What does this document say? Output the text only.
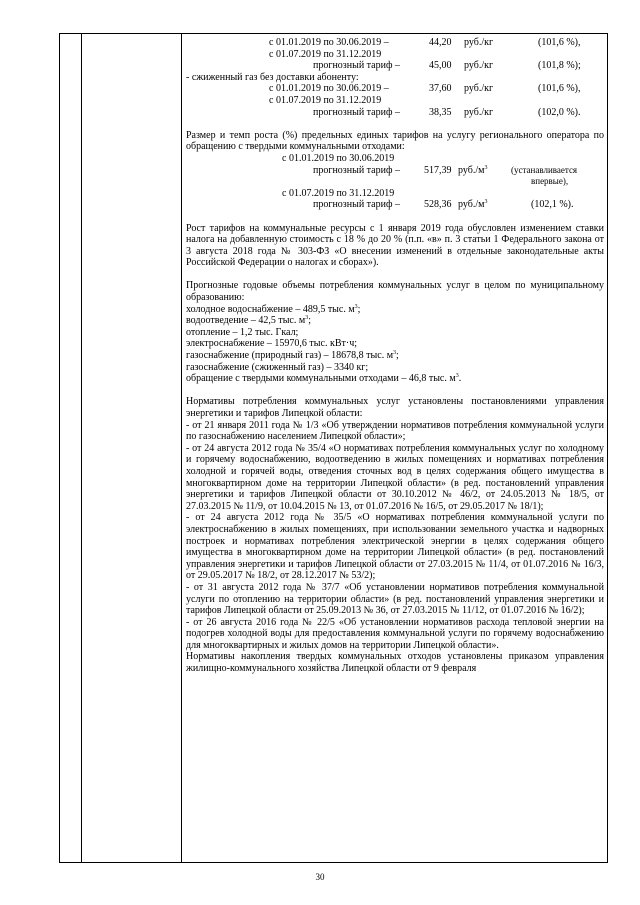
с 01.01.2019 по 30.06.2019 –	44,20 руб./кг	(101,6 %),
с 01.07.2019 по 31.12.2019
прогнозный тариф –	45,00 руб./кг	(101,8 %);
- сжиженный газ без доставки абоненту:
с 01.01.2019 по 30.06.2019 –	37,60 руб./кг	(101,6 %),
с 01.07.2019 по 31.12.2019
прогнозный тариф –	38,35 руб./кг	(102,0 %).

Размер и темп роста (%) предельных единых тарифов на услугу регионального оператора по обращению с твердыми коммунальными отходами:

с 01.01.2019 по 30.06.2019
прогнозный тариф – 517,39 $руб./м^3$	(устанавливается
впервые),
с 01.07.2019 по 31.12.2019
прогнозный тариф – 528,36 $руб./м^3$	(102,1 %).

Рост тарифов на коммунальные ресурсы с 1 января 2019 года обусловлен изменением ставки налога на добавленную стоимость с 18 % до 20 % (п.п. «в» п. 3 статьи 1 Федерального закона от 3 августа 2018 года № 303-ФЗ «О внесении изменений в отдельные законодательные акты Российской Федерации о налогах и сборах»).

Прогнозные годовые объемы потребления коммунальных услуг в целом по муниципальному образованию:

холодное водоснабжение – 489,5 тыс. $м^3$;
водоотведение – 42,5 тыс. $м^3$;
отопление – 1,2 тыс. Гкал;
электроснабжение – 15970,6 тыс. кВт·ч;
газоснабжение (природный газ) – 18678,8 тыс. $м^3$;
газоснабжение (сжиженный газ) – 3340 кг;
обращение с твердыми коммунальными отходами – 46,8 тыс. $м^3$.

Нормативы потребления коммунальных услуг установлены постановлениями управления энергетики и тарифов Липецкой области:

- от 21 января 2011 года № 1/3 «Об утверждении нормативов потребления коммунальной услуги по газоснабжению населением Липецкой области»;

- от 24 августа 2012 года № 35/4 «О нормативах потребления коммунальных услуг по холодному и горячему водоснабжению, водоотведению в жилых помещениях и нормативах потребления холодной и горячей воды, отведения сточных вод в целях содержания общего имущества в многоквартирном доме на территории Липецкой области» (в ред. постановлений управления энергетики и тарифов Липецкой области от 30.10.2012 № 46/2, от 24.05.2013 № 18/5, от 27.03.2015 № 11/9, от 10.04.2015 № 13, от 01.07.2016 № 16/5, от 29.05.2017 № 18/1);

- от 24 августа 2012 года № 35/5 «О нормативах потребления коммунальной услуги по электроснабжению в жилых помещениях, при использовании земельного участка и надворных построек и нормативах потребления электрической энергии в целях содержания общего имущества в многоквартирном доме на территории Липецкой области» (в ред. постановлений управления энергетики и тарифов Липецкой области от 27.03.2015 № 11/4, от 01.07.2016 № 16/3, от 29.05.2017 № 18/2, от 28.12.2017 № 53/2);

- от 31 августа 2012 года № 37/7 «Об установлении нормативов потребления коммунальной услуги по отоплению на территории области» (в ред. постановлений управления энергетики и тарифов Липецкой области от 25.09.2013 № 36, от 27.03.2015 № 11/12, от 01.07.2016 № 16/2);

- от 26 августа 2016 года № 22/5 «Об установлении нормативов расхода тепловой энергии на подогрев холодной воды для предоставления коммунальной услуги по горячему водоснабжению для многоквартирных и жилых домов на территории Липецкой области».

Нормативы накопления твердых коммунальных отходов установлены приказом управления жилищно-коммунального хозяйства Липецкой области от 9 февраля

30
